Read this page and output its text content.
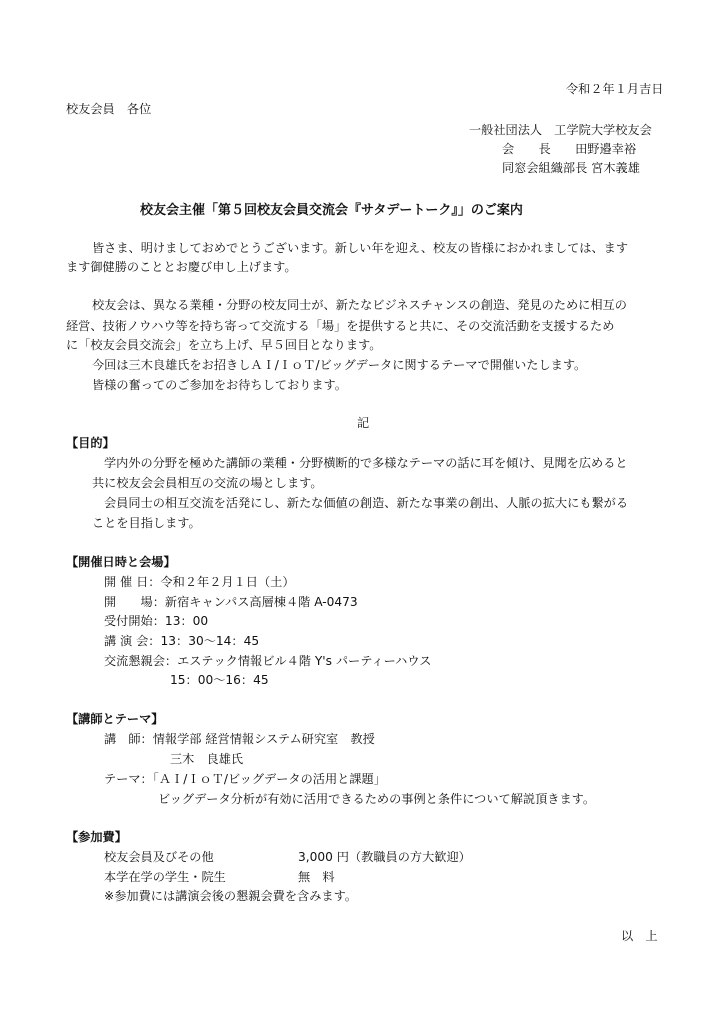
令和２年１月吉日
校友会員　各位
一般社団法人　工学院大学校友会
会　　長　　田野邉幸裕
同窓会組織部長 宮木義雄
校友会主催「第５回校友会員交流会『サタデートーク』」のご案内
皆さま、明けましておめでとうございます。新しい年を迎え、校友の皆様におかれましては、ます
ます御健勝のこととお慶び申し上げます。
校友会は、異なる業種・分野の校友同士が、新たなビジネスチャンスの創造、発見のために相互の
経営、技術ノウハウ等を持ち寄って交流する「場」を提供すると共に、その交流活動を支援するため
に「校友会員交流会」を立ち上げ、早５回目となります。
今回は三木良雄氏をお招きしＡＩ/ＩｏＴ/ビッグデータに関するテーマで開催いたします。
皆様の奮ってのご参加をお待ちしております。
記
【目的】
学内外の分野を極めた講師の業種・分野横断的で多様なテーマの話に耳を傾け、見聞を広めると
共に校友会会員相互の交流の場とします。
会員同士の相互交流を活発にし、新たな価値の創造、新たな事業の創出、人脈の拡大にも繋がる
ことを目指します。
【開催日時と会場】
開 催 日：令和２年２月１日（土）
開　　場：新宿キャンパス高層棟４階 A-0473
受付開始：13：00
講 演 会：13：30～14：45
交流懇親会：エステック情報ビル４階 Y's パーティーハウス
15：00～16：45
【講師とテーマ】
講　師：情報学部 経営情報システム研究室　教授
三木　良雄氏
テーマ：「ＡＩ/ＩｏＴ/ビッグデータの活用と課題」
ビッグデータ分析が有効に活用できるための事例と条件について解説頂きます。
【参加費】
校友会員及びその他	3,000 円（教職員の方大歓迎）
本学在学の学生・院生	無　料
※参加費には講演会後の懇親会費を含みます。
以　上
